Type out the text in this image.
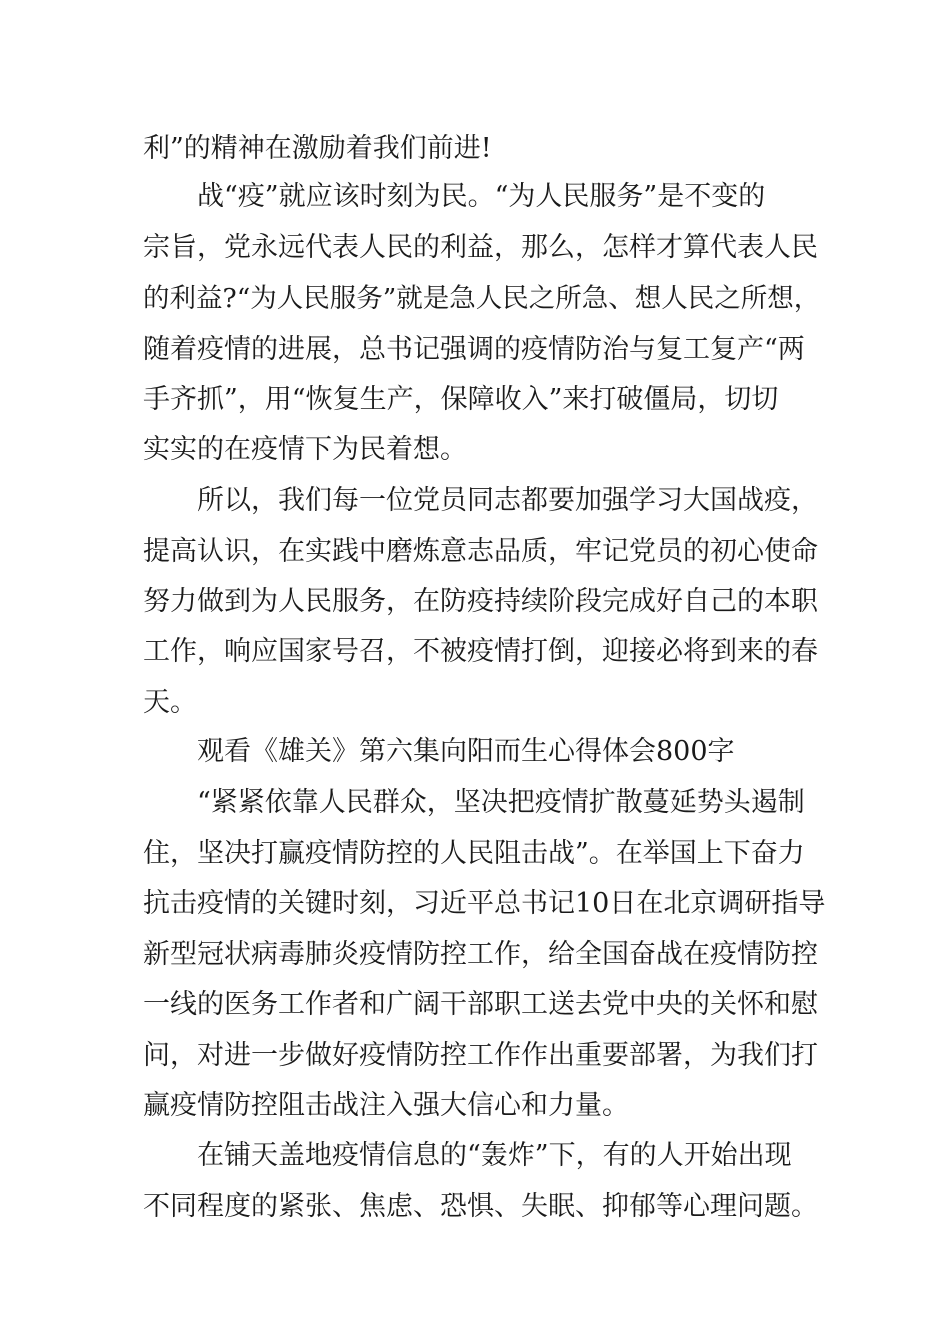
利”的精神在激励着我们前进!
战“疫”就应该时刻为民。“为人民服务”是不变的
宗旨，党永远代表人民的利益，那么，怎样才算代表人民
的利益?“为人民服务”就是急人民之所急、想人民之所想，
随着疫情的进展，总书记强调的疫情防治与复工复产“两
手齐抓”，用“恢复生产，保障收入”来打破僵局，切切
实实的在疫情下为民着想。
所以，我们每一位党员同志都要加强学习大国战疫，
提高认识，在实践中磨炼意志品质，牢记党员的初心使命
努力做到为人民服务，在防疫持续阶段完成好自己的本职
工作，响应国家号召，不被疫情打倒，迎接必将到来的春
天。
观看《雄关》第六集向阳而生心得体会800字
“紧紧依靠人民群众，坚决把疫情扩散蔓延势头遏制
住，坚决打赢疫情防控的人民阻击战”。在举国上下奋力
抗击疫情的关键时刻，习近平总书记10日在北京调研指导
新型冠状病毒肺炎疫情防控工作，给全国奋战在疫情防控
一线的医务工作者和广阔干部职工送去党中央的关怀和慰
问，对进一步做好疫情防控工作作出重要部署，为我们打
赢疫情防控阻击战注入强大信心和力量。
在铺天盖地疫情信息的“轰炸”下，有的人开始出现
不同程度的紧张、焦虑、恐惧、失眠、抑郁等心理问题。
